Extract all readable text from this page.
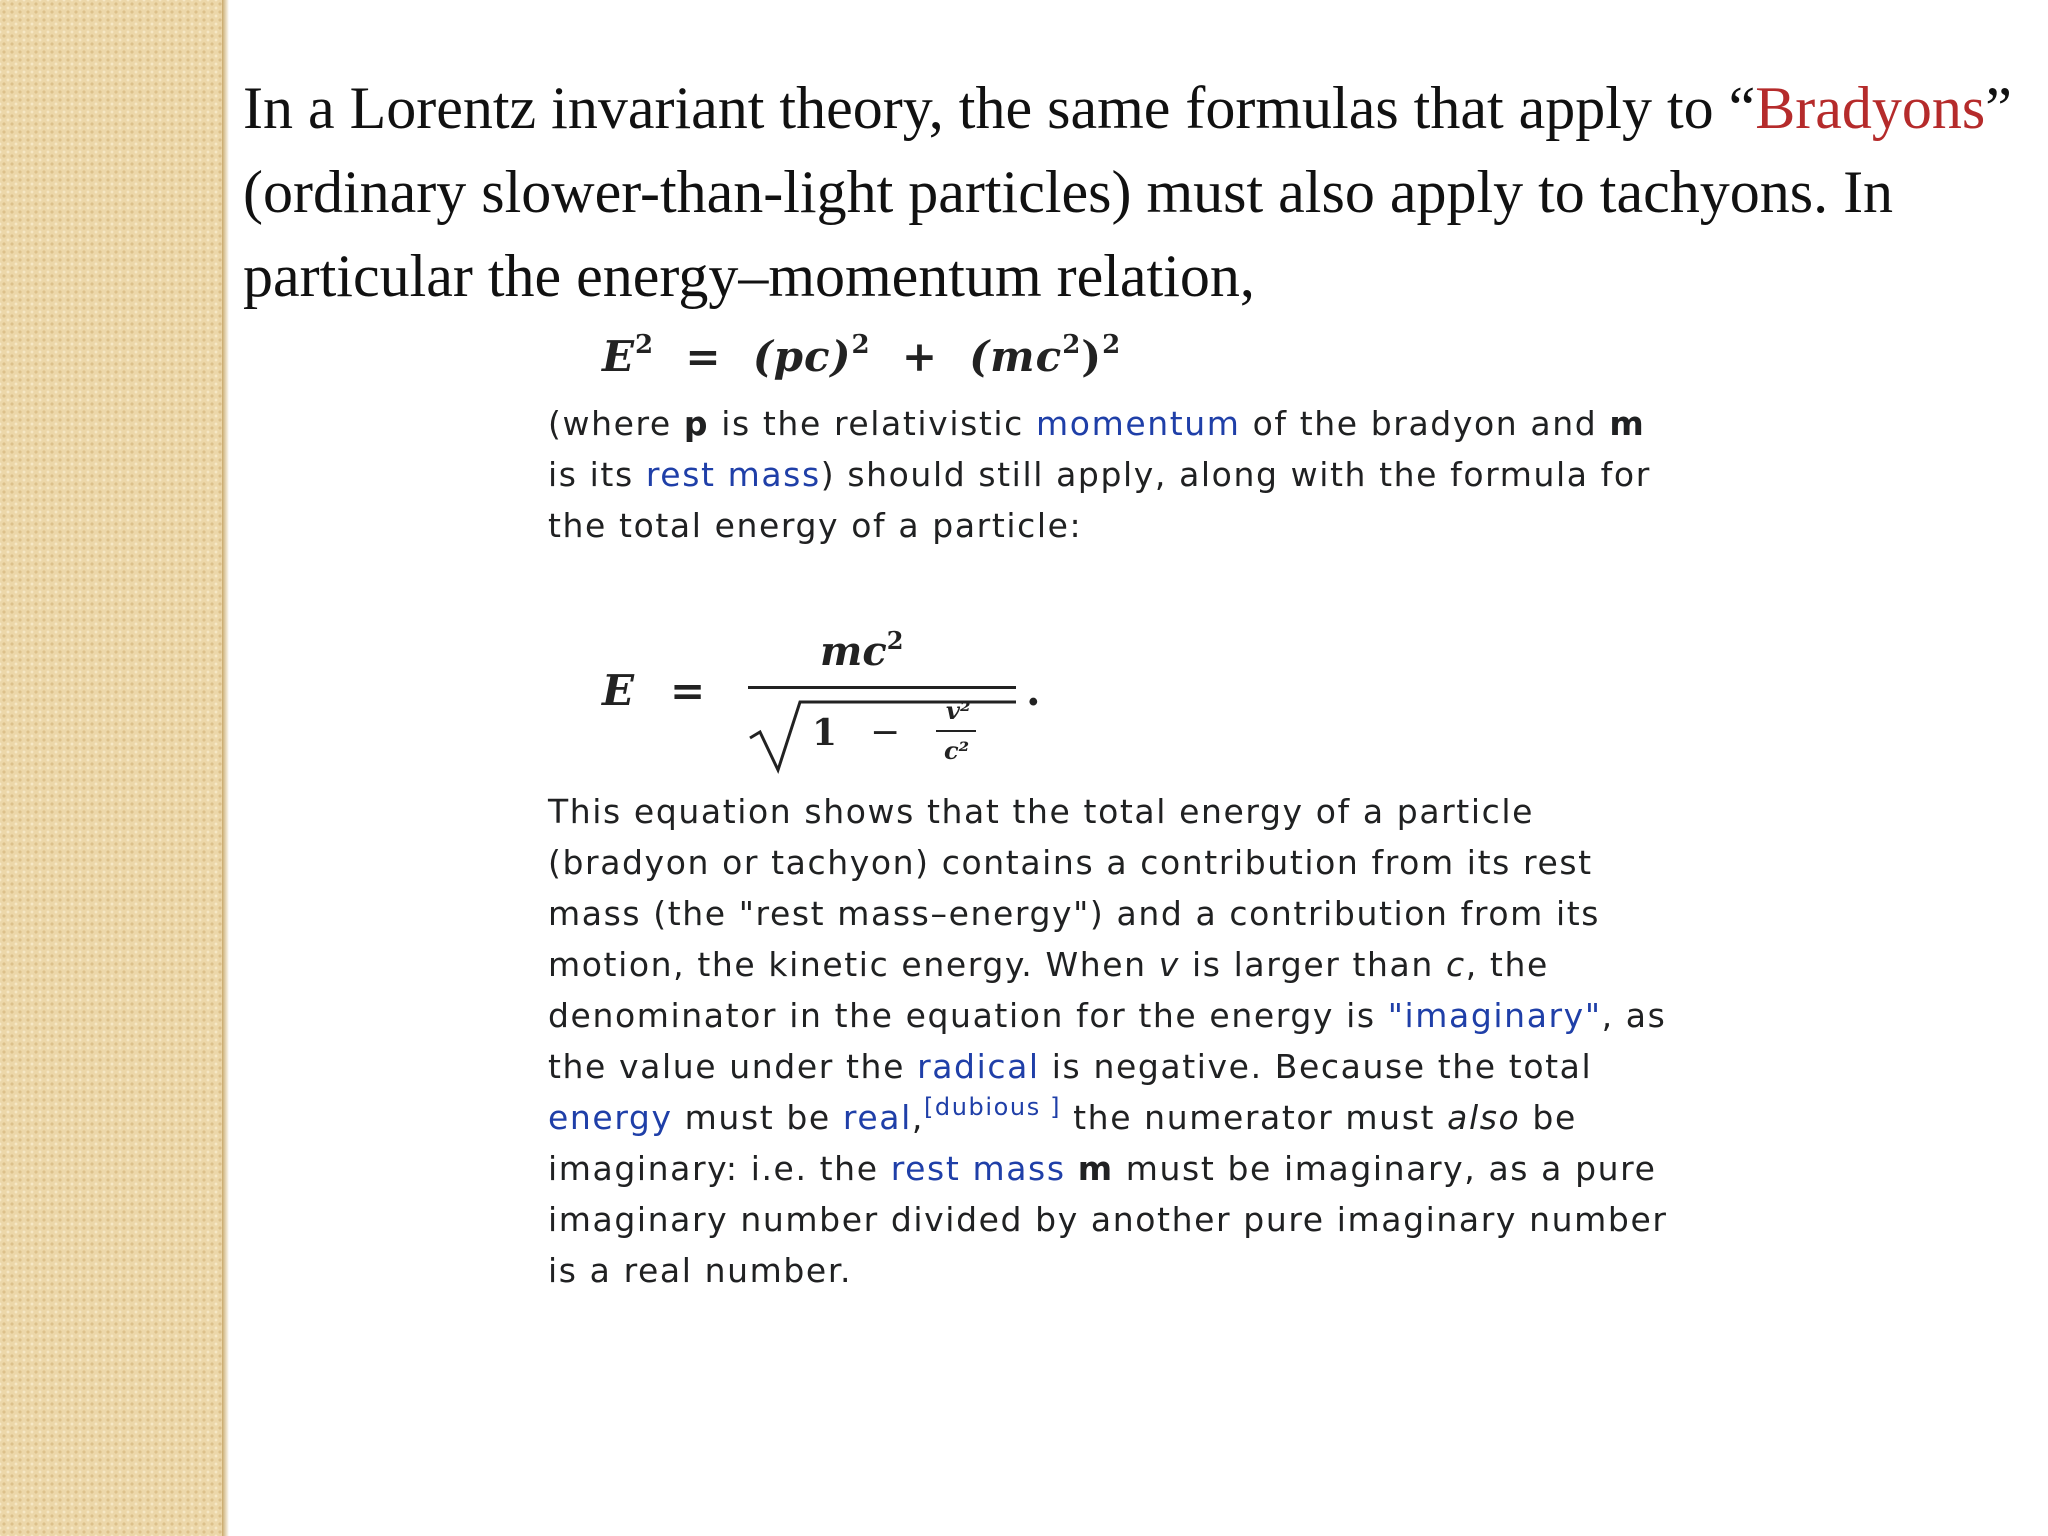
In a Lorentz invariant theory, the same formulas that apply to “Bradyons” (ordinary slower-than-light particles) must also apply to tachyons. In particular the energy–momentum relation,

$E^2 = (pc)^2 + (mc^2)^2$

(where p is the relativistic momentum of the bradyon and m is its rest mass) should still apply, along with the formula for the total energy of a particle:

E =
$mc^2$
1 −
v²
c²
.

This equation shows that the total energy of a particle (bradyon or tachyon) contains a contribution from its rest mass (the "rest mass–energy") and a contribution from its motion, the kinetic energy. When v is larger than c, the denominator in the equation for the energy is "imaginary", as the value under the radical is negative. Because the total energy must be real,[dubious ] the numerator must also be imaginary: i.e. the rest mass m must be imaginary, as a pure imaginary number divided by another pure imaginary number is a real number.
